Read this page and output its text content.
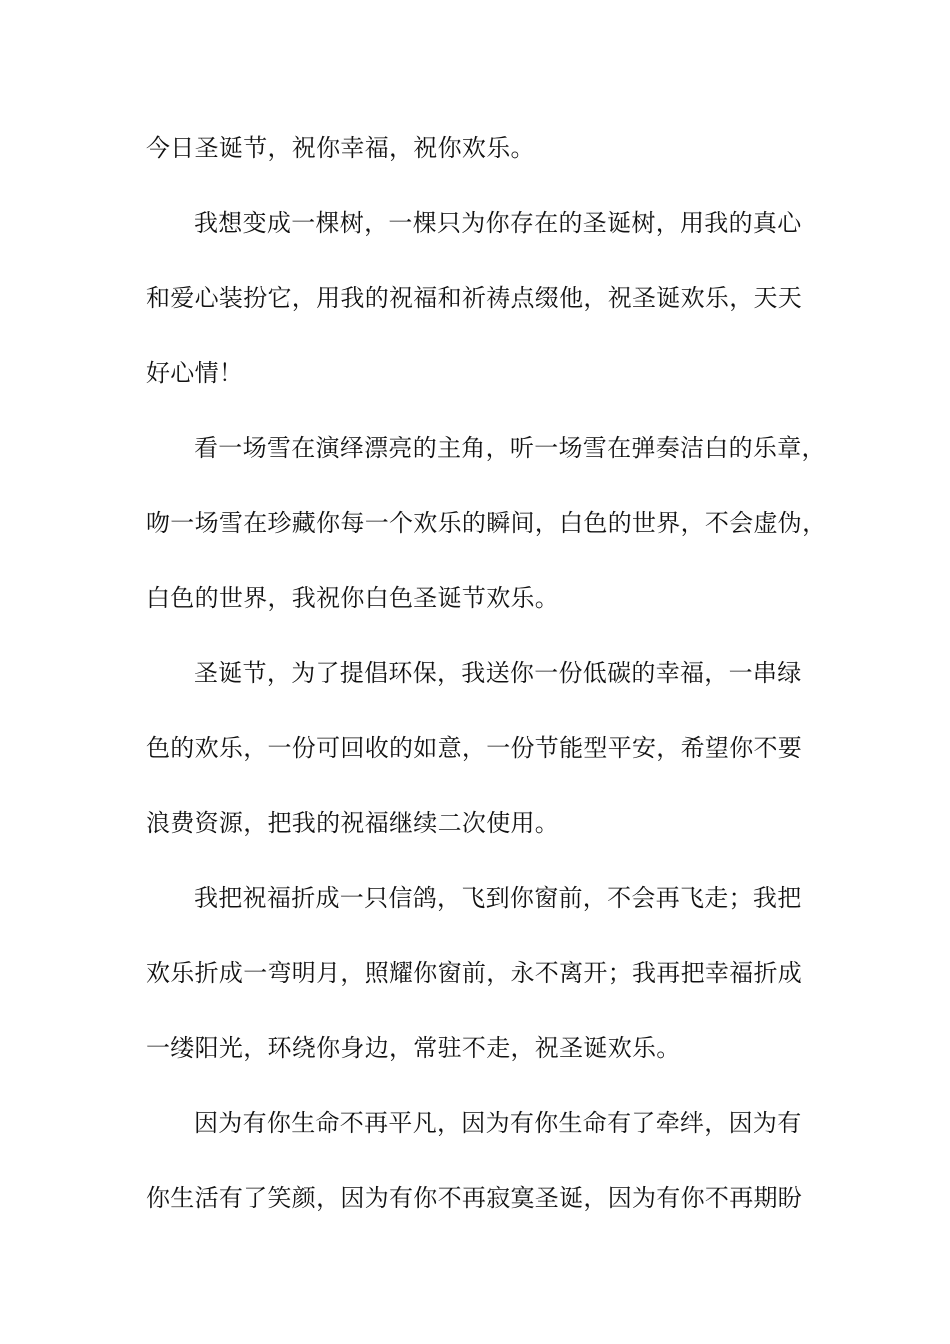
今日圣诞节，祝你幸福，祝你欢乐。
我想变成一棵树，一棵只为你存在的圣诞树，用我的真心
和爱心装扮它，用我的祝福和祈祷点缀他，祝圣诞欢乐，天天
好心情！
看一场雪在演绎漂亮的主角，听一场雪在弹奏洁白的乐章，
吻一场雪在珍藏你每一个欢乐的瞬间，白色的世界，不会虚伪，
白色的世界，我祝你白色圣诞节欢乐。
圣诞节，为了提倡环保，我送你一份低碳的幸福，一串绿
色的欢乐，一份可回收的如意，一份节能型平安，希望你不要
浪费资源，把我的祝福继续二次使用。
我把祝福折成一只信鸽，飞到你窗前，不会再飞走；我把
欢乐折成一弯明月，照耀你窗前，永不离开；我再把幸福折成
一缕阳光，环绕你身边，常驻不走，祝圣诞欢乐。
因为有你生命不再平凡，因为有你生命有了牵绊，因为有
你生活有了笑颜，因为有你不再寂寞圣诞，因为有你不再期盼
